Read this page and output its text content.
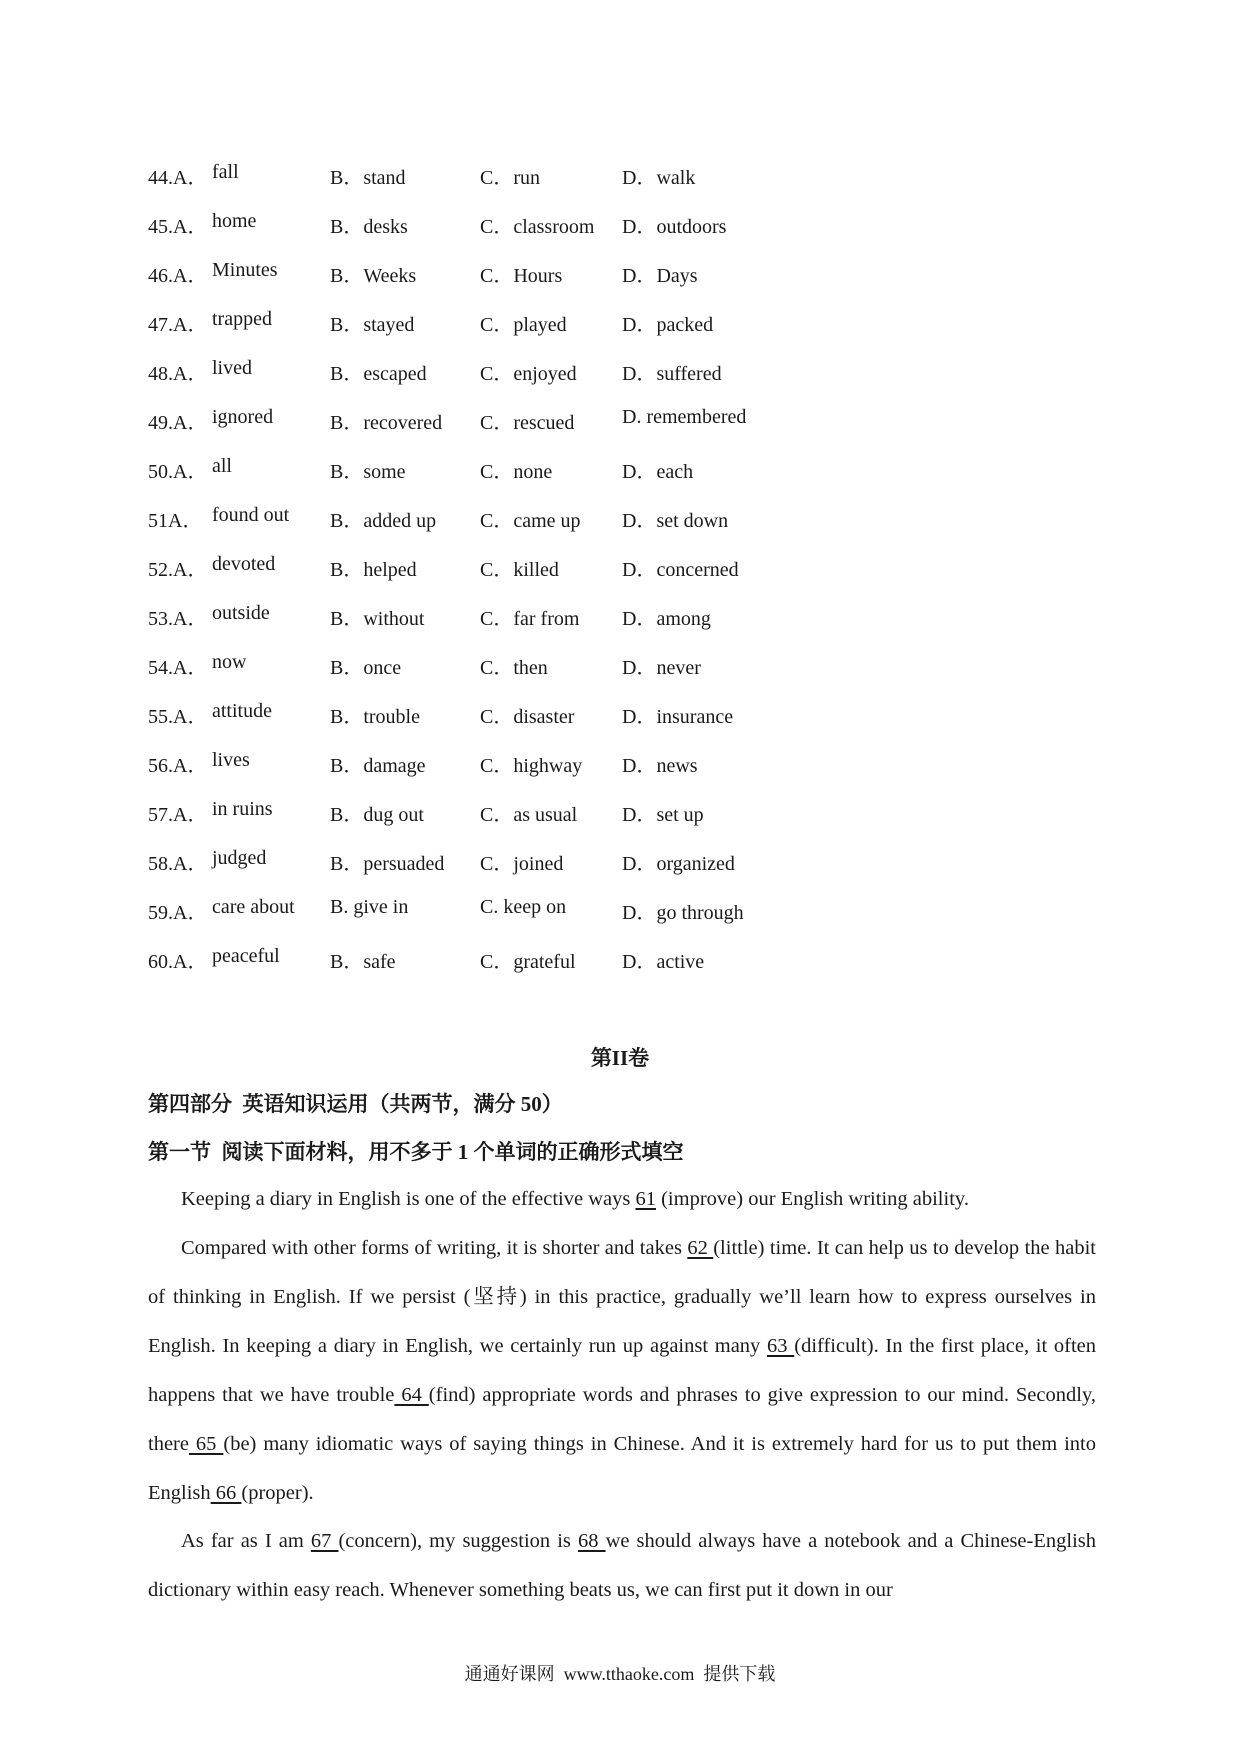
44.A． fall	B．stand	C．run	D．walk
45.A． home	B．desks	C．classroom D．outdoors
46.A． Minutes	B．Weeks	C．Hours	D．Days
47.A． trapped	B．stayed	C．played	D．packed
48.A． lived	B．escaped	C．enjoyed D．suffered
49.A． ignored	B．recovered C．rescued D. remembered
50.A． all	B．some	C．none	D．each
51A． found out B．added up C．came up D．set down
52.A． devoted	B．helped	C．killed	D．concerned
53.A． outside	B．without	C．far from D．among
54.A． now	B．once	C．then	D．never
55.A． attitude	B．trouble	C．disaster D．insurance
56.A． lives	B．damage	C．highway D．news
57.A． in ruins	B．dug out	C．as usual D．set up
58.A． judged	B．persuaded C．joined	D．organized
59.A． care about B. give in	C. keep on	D．go through
60.A． peaceful	B．safe	C．grateful D．active
第II卷
第四部分  英语知识运用（共两节，满分 50）
第一节  阅读下面材料，用不多于 1 个单词的正确形式填空

Keeping a diary in English is one of the effective ways 61 (improve) our English writing ability.

Compared with other forms of writing, it is shorter and takes 62 (little) time. It can help us to develop the habit of thinking in English. If we persist (坚持) in this practice, gradually we’ll learn how to express ourselves in English. In keeping a diary in English, we certainly run up against many 63 (difficult). In the first place, it often happens that we have trouble 64 (find) appropriate words and phrases to give expression to our mind. Secondly, there 65 (be) many idiomatic ways of saying things in Chinese. And it is extremely hard for us to put them into English 66 (proper).

As far as I am 67 (concern), my suggestion is 68 we should always have a notebook and a Chinese-English dictionary within easy reach. Whenever something beats us, we can first put it down in our

通通好课网  www.tthaoke.com  提供下载
